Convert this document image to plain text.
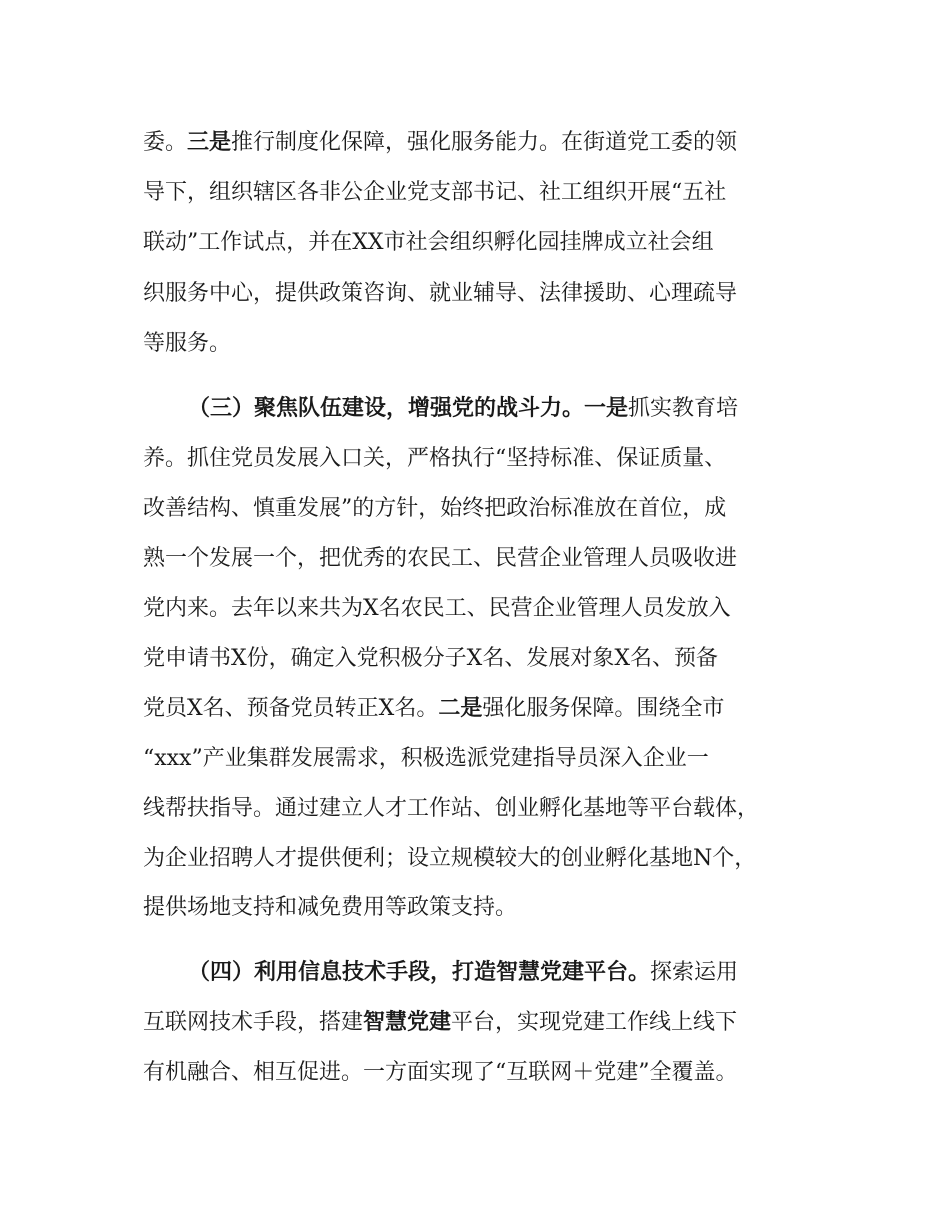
委。三是推行制度化保障，强化服务能力。在街道党工委的领
导下，组织辖区各非公企业党支部书记、社工组织开展“五社
联动”工作试点，并在XX市社会组织孵化园挂牌成立社会组
织服务中心，提供政策咨询、就业辅导、法律援助、心理疏导
等服务。
（三）聚焦队伍建设，增强党的战斗力。一是抓实教育培
养。抓住党员发展入口关，严格执行“坚持标准、保证质量、
改善结构、慎重发展”的方针，始终把政治标准放在首位，成
熟一个发展一个，把优秀的农民工、民营企业管理人员吸收进
党内来。去年以来共为X名农民工、民营企业管理人员发放入
党申请书X份，确定入党积极分子X名、发展对象X名、预备
党员X名、预备党员转正X名。二是强化服务保障。围绕全市
“xxx”产业集群发展需求，积极选派党建指导员深入企业一
线帮扶指导。通过建立人才工作站、创业孵化基地等平台载体，
为企业招聘人才提供便利；设立规模较大的创业孵化基地N个，
提供场地支持和减免费用等政策支持。
（四）利用信息技术手段，打造智慧党建平台。探索运用
互联网技术手段，搭建智慧党建平台，实现党建工作线上线下
有机融合、相互促进。一方面实现了“互联网＋党建”全覆盖。
